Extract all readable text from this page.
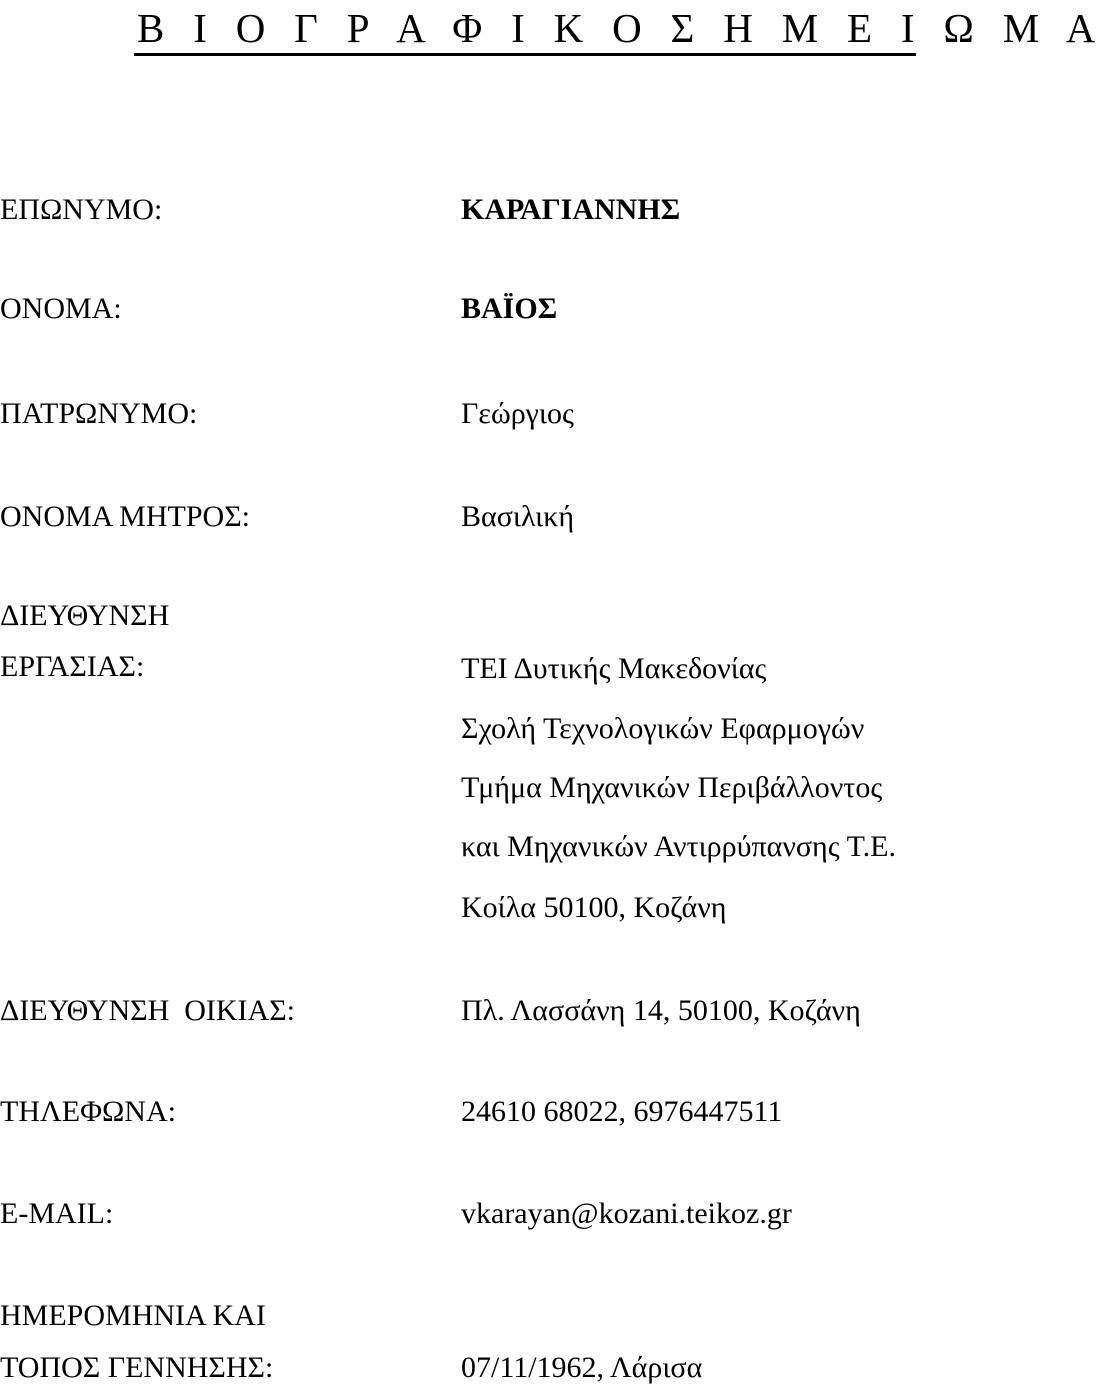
Β Ι Ο Γ Ρ Α Φ Ι Κ Ο Σ Η Μ Ε Ι Ω Μ Α
ΕΠΩΝΥΜΟ:	ΚΑΡΑΓΙΑΝΝΗΣ
ΟΝΟΜΑ:	ΒΑΪΟΣ
ΠΑΤΡΩΝΥΜΟ:	Γεώργιος
ΟΝΟΜΑ ΜΗΤΡΟΣ:	Βασιλική
ΔΙΕΥΘΥΝΣΗ
ΕΡΓΑΣΙΑΣ:	ΤΕΙ Δυτικής Μακεδονίας
Σχολή Τεχνολογικών Εφαρμογών
Τμήμα Μηχανικών Περιβάλλοντος
και Μηχανικών Αντιρρύπανσης Τ.Ε.
Κοίλα 50100, Κοζάνη
ΔΙΕΥΘΥΝΣΗ  ΟΙΚΙΑΣ:	Πλ. Λασσάνη 14, 50100, Κοζάνη
ΤΗΛΕΦΩΝΑ:	24610 68022, 6976447511
E-MAIL:	vkarayan@kozani.teikoz.gr
ΗΜΕΡΟΜΗΝΙΑ ΚΑΙ
ΤΟΠΟΣ ΓΕΝΝΗΣΗΣ:	07/11/1962, Λάρισα
